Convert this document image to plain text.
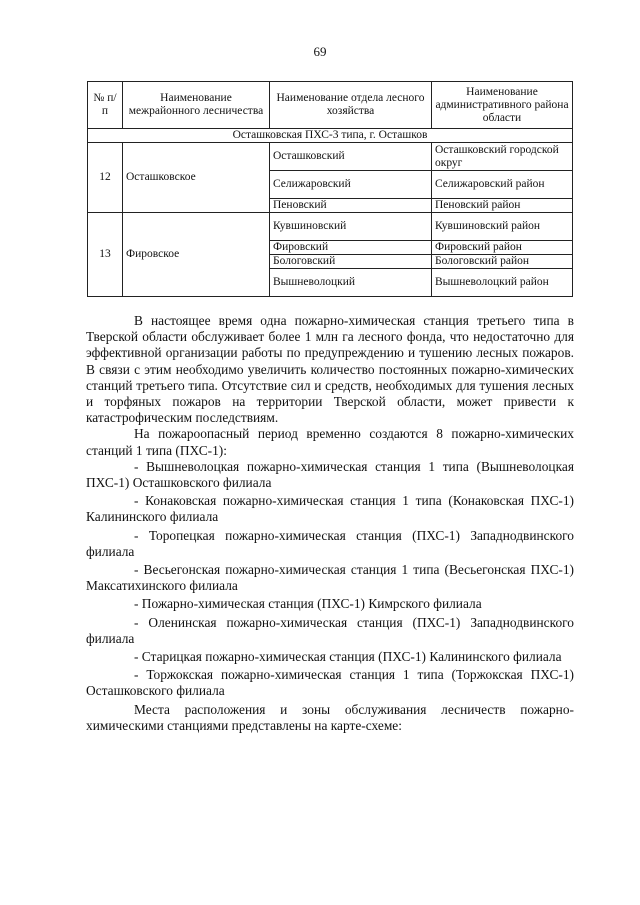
69
№ п/п	Наименование межрайонного лесничества	Наименование отдела лесного хозяйства	Наименование административного района области
Осташковская ПХС-3 типа, г. Осташков			
12	Осташковское	Осташковский	Осташковский городской округ
		Селижаровский	Селижаровский район
		Пеновский	Пеновский район
13	Фировское	Кувшиновский	Кувшиновский район
		Фировский	Фировский район
		Бологовский	Бологовский район
		Вышневолоцкий	Вышневолоцкий район

В настоящее время одна пожарно-химическая станция третьего типа в Тверской области обслуживает более 1 млн га лесного фонда, что недостаточно для эффективной организации работы по предупреждению и тушению лесных пожаров. В связи с этим необходимо увеличить количество постоянных пожарно-химических станций третьего типа. Отсутствие сил и средств, необходимых для тушения лесных и торфяных пожаров на территории Тверской области, может привести к катастрофическим последствиям.

На пожароопасный период временно создаются 8 пожарно-химических станций 1 типа (ПХС-1):

- Вышневолоцкая пожарно-химическая станция 1 типа (Вышневолоцкая ПХС-1) Осташковского филиала

- Конаковская пожарно-химическая станция 1 типа (Конаковская ПХС-1) Калининского филиала

- Торопецкая пожарно-химическая станция (ПХС-1) Западнодвинского филиала

- Весьегонская пожарно-химическая станция 1 типа (Весьегонская ПХС-1) Максатихинского филиала

- Пожарно-химическая станция (ПХС-1) Кимрского филиала

- Оленинская пожарно-химическая станция (ПХС-1) Западнодвинского филиала

- Старицкая пожарно-химическая станция (ПХС-1) Калининского филиала

- Торжокская пожарно-химическая станция 1 типа (Торжокская ПХС-1) Осташковского филиала

Места расположения и зоны обслуживания лесничеств пожарно-химическими станциями представлены на карте-схеме:
